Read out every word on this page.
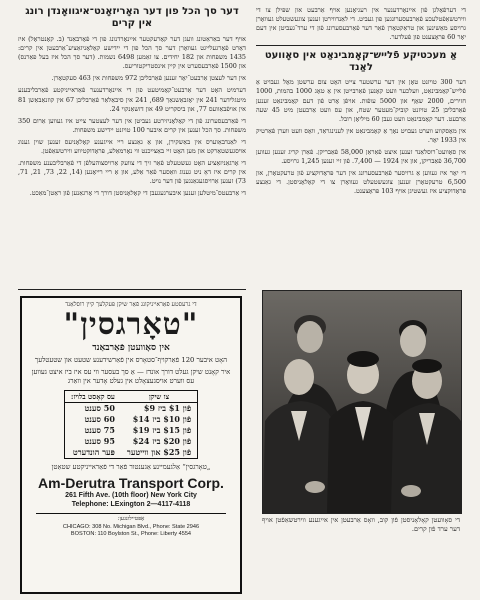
דער סך הכל פון דער האָריזאָנט־איגוואָנדן רונג אין קרים

אויף דער באַראַטונג וועגן דער קאָרעקטער אייִנאָרדנונג פון די פֿאָרבאַנד (ב. קאָנטראָל) איז דאָרט פֿאָרגעלייגט געוואָרן דער סך הכל פון די יידישע קאָלאָניזאַציע־אַרבעטן אין קרים: 1435 משפּחות און 182 יחידים. צו זאַמען 6498 נשמות. (דער סך הכל איז בעל פאַרנס) און 1500 פֿאַרבעסערט אין קיין אינסטריקטוריעס.

אין דער לעצטן אַרבעט־יאָר זענען פֿאַרבליבן 972 משפּחות אין 463 סעקטאָרן.

דערמיט האָט דער אַרבעט־קאָמיטעט פון די אייִנאָרדענער פֿאַראייניקטע פֿאַרבליבענע מיטגלידער 241 אין יאָזבאַשנאַך 689, 241 אין סיבאַלאַר פֿאַרבליבן 67 אין קוזנאַבאַשן 81 אין אויפֿבאַוועס 77, און ביסקריט 49 און דזשאַנקוי 24.

די פֿאַרבעסערונג פֿון די קאָלאָניזירטע געביטן אין דער לעצטער צייט איז געווען אַרום 350 משפּחות. סך הכל זענען אין קרים איבער 100 טויזנט יידישע משפּחות.

די לאַנדבאַוערס אין באַשקירן, און אַ גאַנצע ריי אייגענע קאָלאָניעס זענען שוין גענוג אויסגעשטאַרקט און מען האָט זיי באַצייכנט ווי נאָרמאַלע, פּראָדוקטיווע ווירטשאַפֿטן.

די אָרגאַניזאַציע האָט געשטעלט פֿאַר זיך די צוועק אַרויסצוהעלפֿן די פֿאַרבליבענע משפּחות. אין קרים איז דאָ ניט גענוג וואַסער פֿאַר אַלע, און אַ ריי רייאָנען (14, 22, 73, 21, 71, 73) זענען אַרויסגעגאַנגען פֿון דער נויט.

די אַרבעטס־מיטלען זענען איבערגעגעבן די קאָלאָניסטן דורך די אָרגאַנען פֿון ראַטן־מאַכט.

די דערפֿאָלגן פֿון אייִנאָרדענער אין רעגיאָנען אויף אַרבעט און שפּילן צו די ווירטשאַפֿטלעכע פֿאַרבעסערונגען פון געביט. די לאַנדווירטן זענען צוגעשטעלט געוואָרן גרויסע מאַשינען און טראַקטאָרן פֿאַר דער פֿאַרבעסערונג פֿון די ערד־געביטן אין דעם יאָר 60 פּראָצענט פון פֿעלדער.

אַ מעכטיקע פֿלייש־קאָמבינאַט אין סאָוועט לאַנד

דער 300 טויזנט טאָן אין דער ערשטער צייט האָט צום ערשטן מאָל געבויט אַ פֿלייש־קאָמבינאַט, וועלכער וועט קאָנען פֿאַרבייטן אין אַ טאָג 1000 בהמות, 1000 חזירים, 2000 שאָף און 5000 עופֿות. אויפֿן אָרט פֿון דעם קאָמבינאַט זענען פֿאַרבליבן 25 טויזנט קוביק־מעטער שטח, און עס וועט אַרבעטן מיט 45 שעה אַרבעט. דער קאָמבינאַט וועט געבן 60 מיליאָן רובל.

אין מאָסקווע ווערט געבויט נאָך אַ קאָמבינאַט אין לענינגראַד, וואָס וועט ווערן פֿאַרטיק אין 1933 יאָר.

אין סאָוועט־רוסלאַנד זענען איצט פֿאַראַן 58,000 פֿאַבריקן. פֿאַרן קריג זענען געווען 36,700 פֿאַבריקן, און אין 1924 — 7,400. פֿון זיי זענען 1,245 גרויסע.

די יאָר איז געווען אַ גרויסער פֿאַרבעסערונג אין דער פּראָדוקציע פֿון טרעקטאָרן, און 6,500 טרעקטאָרן זענען צוגעשטעלט געוואָרן צו די קאָלאָניסטן. די גאַנצע פּראָדוקציע איז געשטיגן אויף 103 פּראָצענט.

די גרעסטע פֿאַראייניקונג פֿאַר שיקן פּעקלעך קיין רוסלאַנד
"טאָרגסין"
אין סאָוועטן פֿאַרבאַנד
האָט איבער 120 פֿאַרקויף־סטאָרס אין פֿאַרשידענע שטעט און שטעטלעך
איר קאָנט שיקן געלט דורך אונדז — אַ סך בעסער ווי עס איז ביז איצט געווען
עס ווערט אויסגעצאָלט אין געלט אָדער אין וואַרג
צו שיקן	עס קאָסט בלויז:
פֿון $1 ביז $9	50 סענט
פֿון $10 ביז $14	60 סענט
פֿון $15 ביז $19	75 סענט
פֿון $20 ביז $24	95 סענט
פֿון $25 און ווייטער	פּער הונדערט
„טאָרגסין“ אַלגעמיינע אַגענטור פֿאַר די פֿאַראייניקטע שטאַטן
Am-Derutra Transport Corp.
261 Fifth Ave. (10th floor) New York City
Telephone: LExington 2—4117-4118
אָפּטיילונגען:
CHICAGO: 308 No. Michigan Blvd., Phone: State 2946
BOSTON: 110 Boylston St., Phone: Liberty 4554
די סאָוועטן קאָלאָניסטן פֿון קוב, וואָס אַרבעטן אין אייגענע ווירטשאַפֿטן אויף דער ערד פֿון קרים.
